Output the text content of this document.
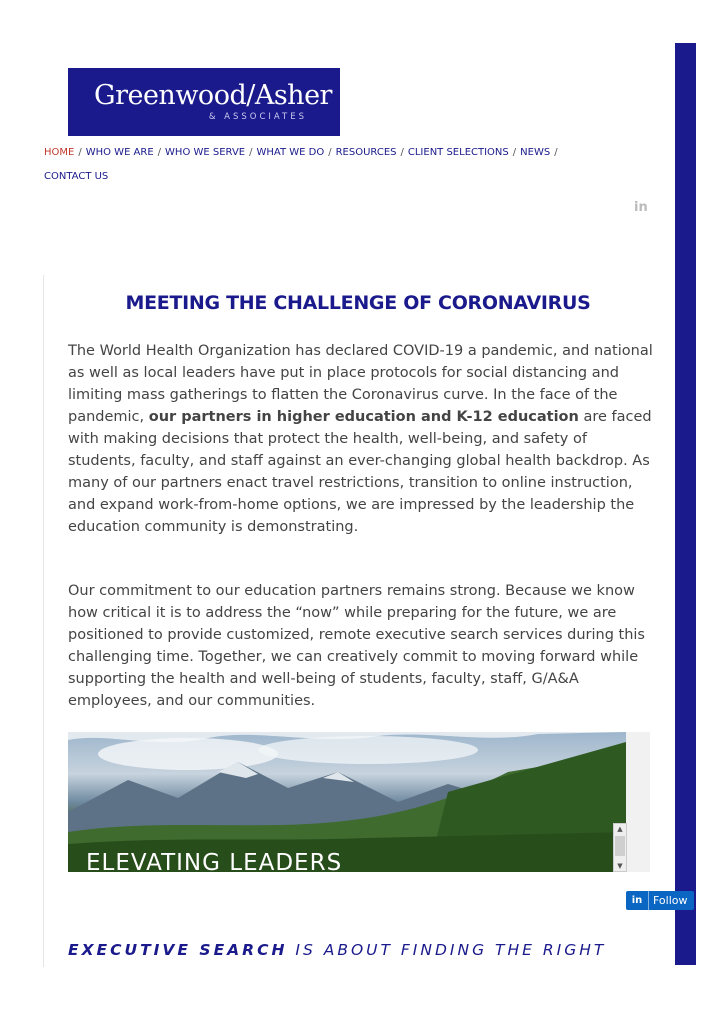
Greenwood/Asher
& ASSOCIATES
HOME / WHO WE ARE / WHO WE SERVE / WHAT WE DO / RESOURCES / CLIENT SELECTIONS / NEWS /
CONTACT US
in
MEETING THE CHALLENGE OF CORONAVIRUS

The World Health Organization has declared COVID-19 a pandemic, and national as well as local leaders have put in place protocols for social distancing and limiting mass gatherings to flatten the Coronavirus curve. In the face of the pandemic, our partners in higher education and K-12 education are faced with making decisions that protect the health, well-being, and safety of students, faculty, and staff against an ever-changing global health backdrop. As many of our partners enact travel restrictions, transition to online instruction, and expand work-from-home options, we are impressed by the leadership the education community is demonstrating.

Our commitment to our education partners remains strong. Because we know how critical it is to address the “now” while preparing for the future, we are positioned to provide customized, remote executive search services during this challenging time. Together, we can creatively commit to moving forward while supporting the health and well-being of students, faculty, staff, G/A&A employees, and our communities.

ELEVATING LEADERS
▲
▼
in Follow
EXECUTIVE SEARCH IS ABOUT FINDING THE RIGHT
